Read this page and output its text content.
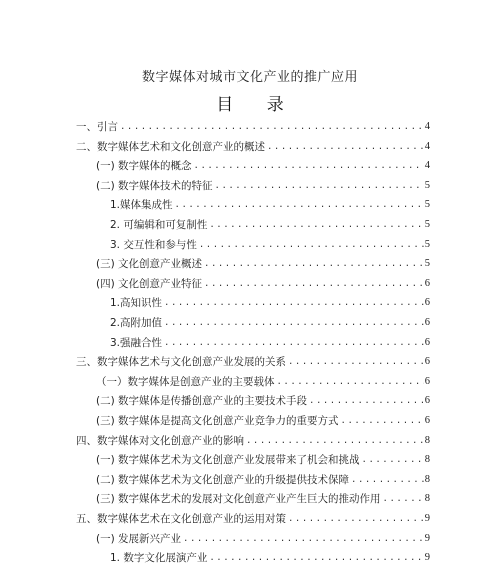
数字媒体对城市文化产业的推广应用
目 录
一、引言 .....	4
二、数字媒体艺术和文化创意产业的概述 .....	4
(一) 数字媒体的概念 .....	4
(二) 数字媒体技术的特征 .....	5
1.媒体集成性 .....	5
2. 可编辑和可复制性 .....	5
3. 交互性和参与性 .....	5
(三) 文化创意产业概述 .....	5
(四) 文化创意产业特征 .....	6
1.高知识性 .....	6
2.高附加值 .....	6
3.强融合性 .....	6
三、数字媒体艺术与文化创意产业发展的关系 .....	6
（一）数字媒体是创意产业的主要载体 .....	6
(二) 数字媒体是传播创意产业的主要技术手段 .....	6
(三) 数字媒体是提高文化创意产业竞争力的重要方式 .....	6
四、数字媒体对文化创意产业的影响 .....	8
(一) 数字媒体艺术为文化创意产业发展带来了机会和挑战 .....	8
(二) 数字媒体艺术为文化创意产业的升级提供技术保障 .....	8
(三) 数字媒体艺术的发展对文化创意产业产生巨大的推动作用 .....	8
五、数字媒体艺术在文化创意产业的运用对策 .....	9
(一) 发展新兴产业 .....	9
1. 数字文化展演产业 .....	9
